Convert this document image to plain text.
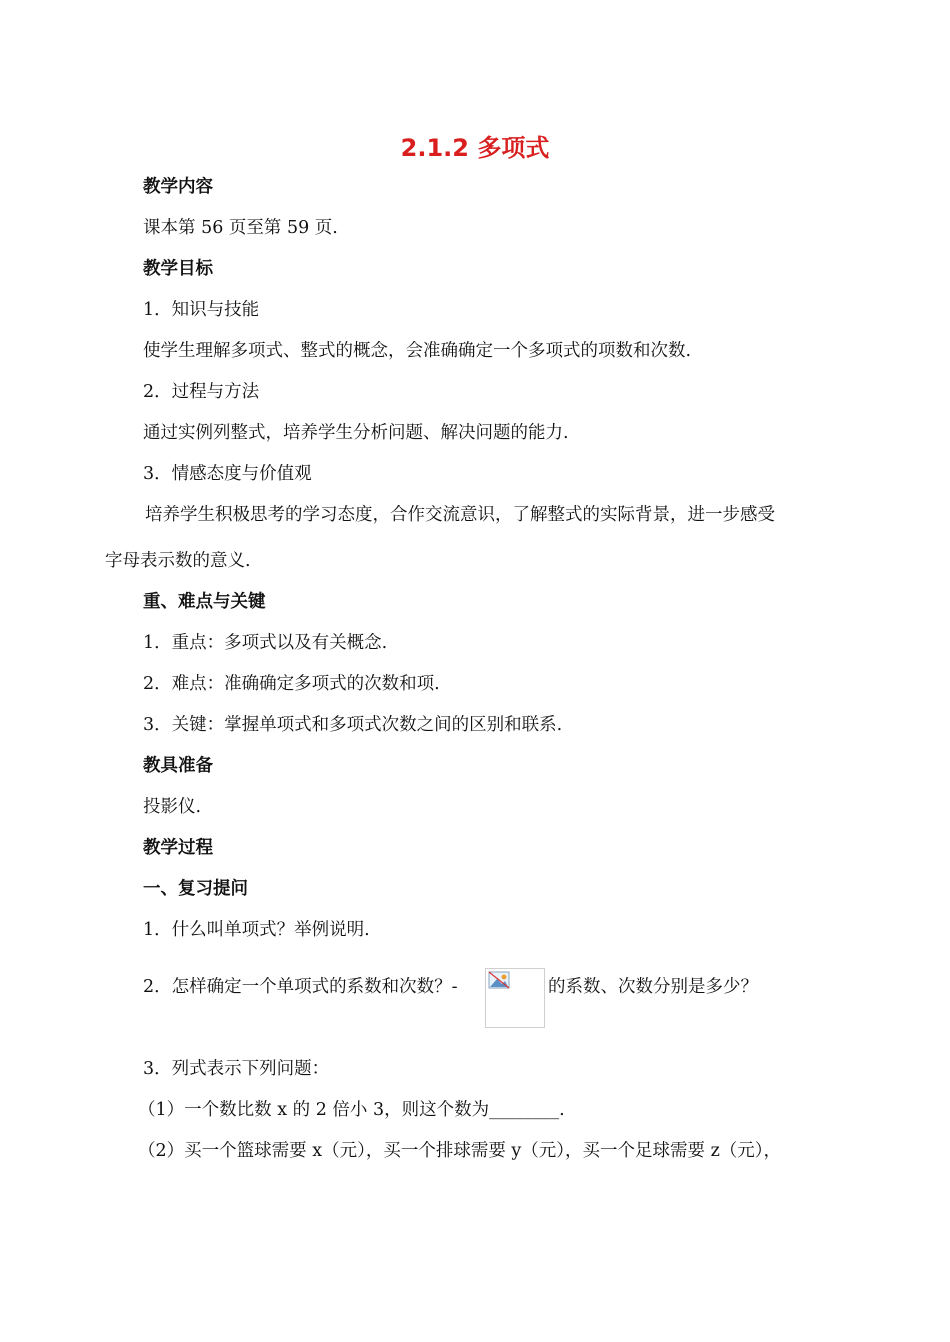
2.1.2 多项式
教学内容
课本第 56 页至第 59 页.
教学目标
1．知识与技能
使学生理解多项式、整式的概念，会准确确定一个多项式的项数和次数.
2．过程与方法
通过实例列整式，培养学生分析问题、解决问题的能力.
3．情感态度与价值观
培养学生积极思考的学习态度，合作交流意识，了解整式的实际背景，进一步感受
字母表示数的意义.
重、难点与关键
1．重点：多项式以及有关概念.
2．难点：准确确定多项式的次数和项.
3．关键：掌握单项式和多项式次数之间的区别和联系.
教具准备
投影仪.
教学过程
一、复习提问
1．什么叫单项式？举例说明.
2．怎样确定一个单项式的系数和次数？-	的系数、次数分别是多少？
3．列式表示下列问题：
（1）一个数比数 x 的 2 倍小 3，则这个数为________.
（2）买一个篮球需要 x（元），买一个排球需要 y（元），买一个足球需要 z（元），
